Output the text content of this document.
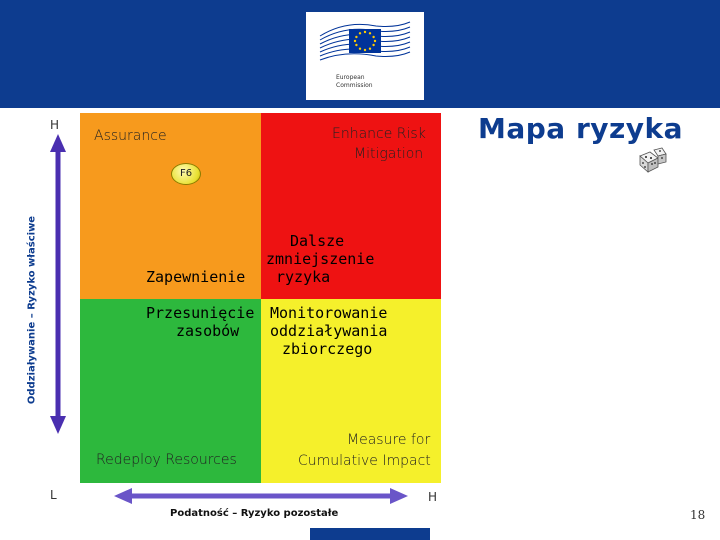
European
Commission
Mapa ryzyka
Assurance
Zapewnienie
F6
Enhance Risk
Mitigation
Dalsze
zmniejszenie
ryzyka
Przesunięcie
zasobów
Redeploy Resources
Monitorowanie
oddziaływania
zbiorczego
Measure for
Cumulative Impact
H
L	H
Oddziaływanie – Ryzyko właściwe
Podatność – Ryzyko pozostałe	18
